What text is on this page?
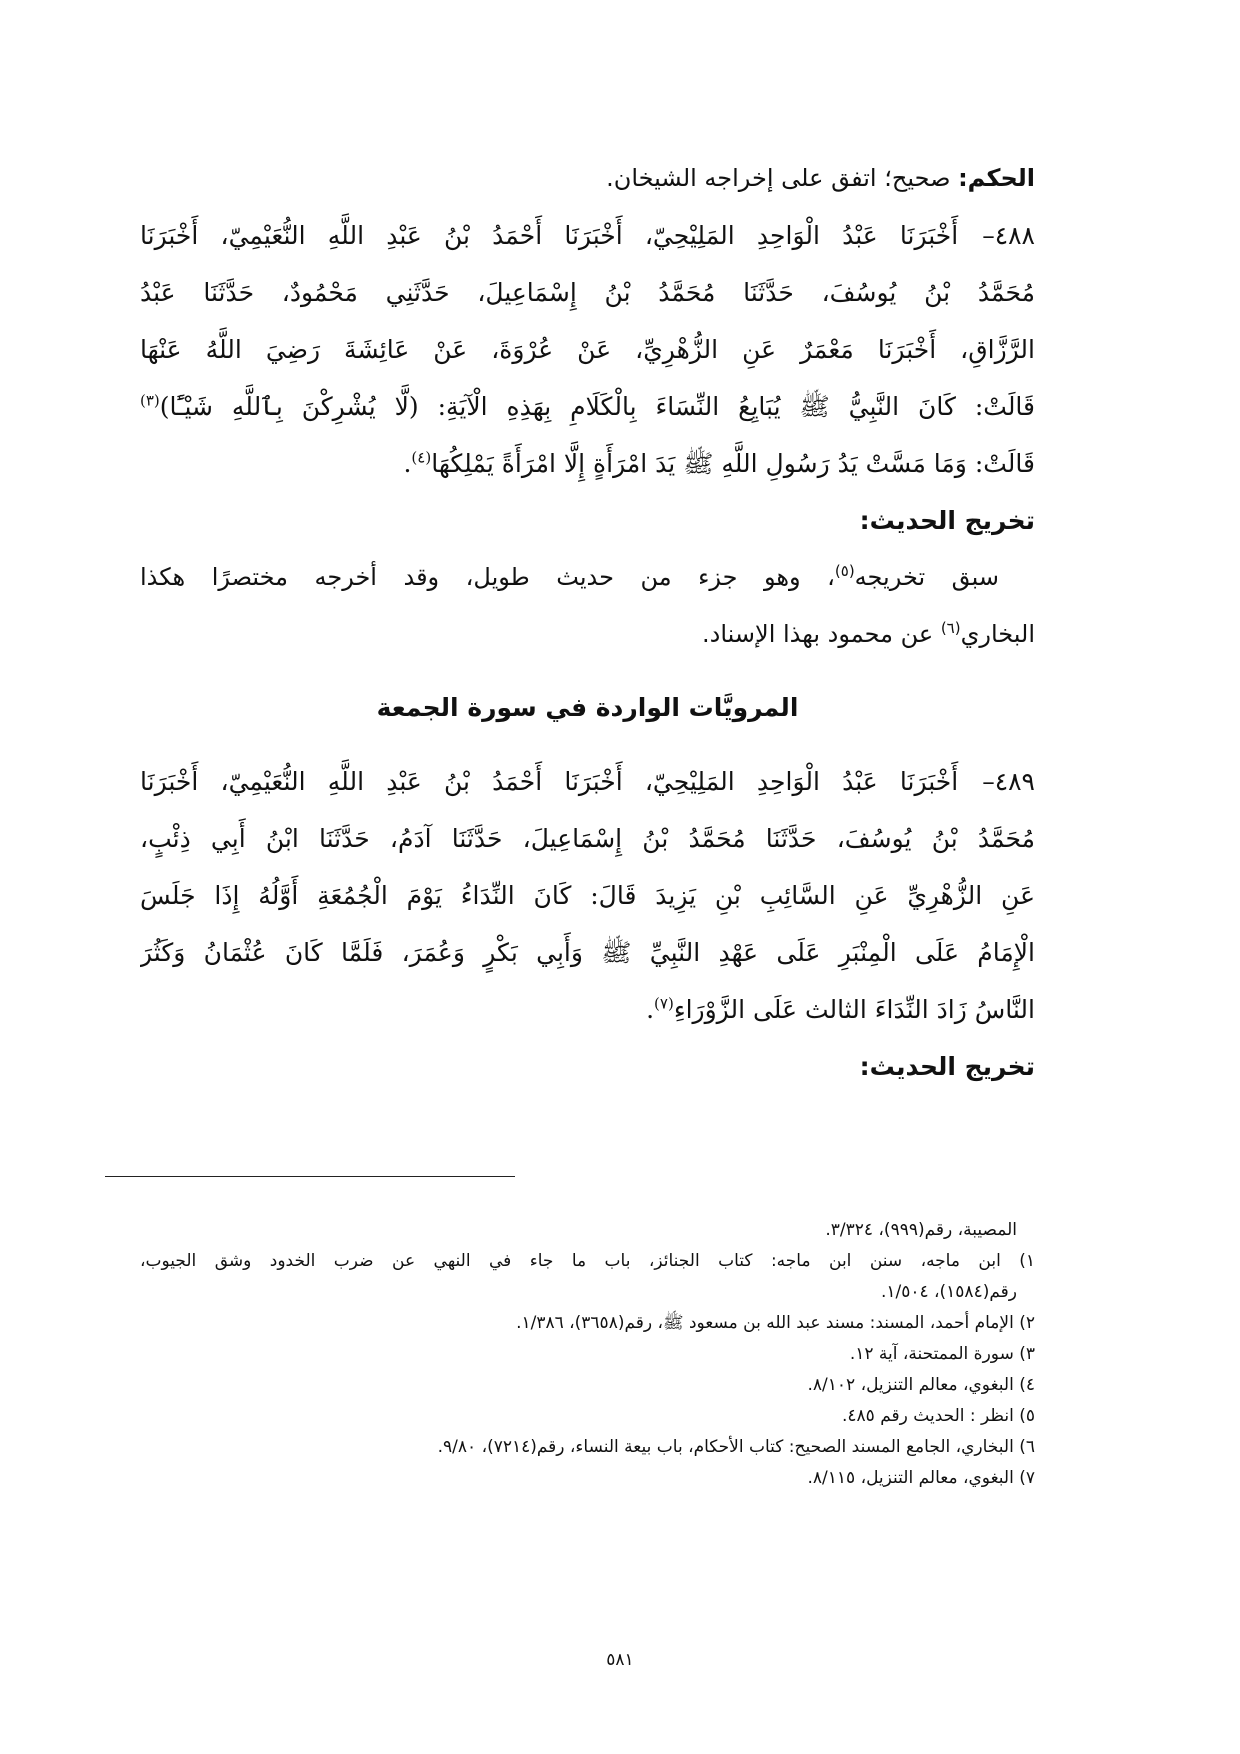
الحكم: صحيح؛ اتفق على إخراجه الشيخان.
٤٨٨–أَخْبَرَنَا عَبْدُ الْوَاحِدِ المَلِيْحِيّ، أَخْبَرَنَا أَحْمَدُ بْنُ عَبْدِ اللَّهِ النُّعَيْمِيّ، أَخْبَرَنَا
مُحَمَّدُ بْنُ يُوسُفَ، حَدَّثَنَا مُحَمَّدُ بْنُ إِسْمَاعِيلَ، حَدَّثَنِي مَحْمُودٌ، حَدَّثَنَا عَبْدُ
الرَّزَّاقِ، أَخْبَرَنَا مَعْمَرٌ عَنِ الزُّهْرِيِّ، عَنْ عُرْوَةَ، عَنْ عَائِشَةَ رَضِيَ اللَّهُ عَنْهَا
قَالَتْ: كَانَ النَّبِيُّ ﷺ يُبَايِعُ النِّسَاءَ بِالْكَلَامِ بِهَذِهِ الْآيَةِ: (لَّا يُشْرِكْنَ بِٱللَّهِ شَيْـًٔا)$^{(٣)}$
قَالَتْ: وَمَا مَسَّتْ يَدُ رَسُولِ اللَّهِ ﷺ يَدَ امْرَأَةٍ إِلَّا امْرَأَةً يَمْلِكُهَا$^{(٤)}$.
تخريج الحديث:
سبق تخريجه$^{(٥)}$، وهو جزء من حديث طويل، وقد أخرجه مختصرًا هكذا
البخاري$^{(٦)}$ عن محمود بهذا الإسناد.
المرويَّات الواردة في سورة الجمعة
٤٨٩–أَخْبَرَنَا عَبْدُ الْوَاحِدِ المَلِيْحِيّ، أَخْبَرَنَا أَحْمَدُ بْنُ عَبْدِ اللَّهِ النُّعَيْمِيّ، أَخْبَرَنَا
مُحَمَّدُ بْنُ يُوسُفَ، حَدَّثَنَا مُحَمَّدُ بْنُ إِسْمَاعِيلَ، حَدَّثَنَا آدَمُ، حَدَّثَنَا ابْنُ أَبِي ذِئْبٍ،
عَنِ الزُّهْرِيِّ عَنِ السَّائِبِ بْنِ يَزِيدَ قَالَ: كَانَ النِّدَاءُ يَوْمَ الْجُمُعَةِ أَوَّلُهُ إِذَا جَلَسَ
الْإِمَامُ عَلَى الْمِنْبَرِ عَلَى عَهْدِ النَّبِيِّ ﷺ وَأَبِي بَكْرٍ وَعُمَرَ، فَلَمَّا كَانَ عُثْمَانُ وَكَثُرَ
النَّاسُ زَادَ النِّدَاءَ الثالث عَلَى الزَّوْرَاءِ$^{(٧)}$.
تخريج الحديث:
المصيبة، رقم(٩٩٩)، ٣/٣٢٤.
١) ابن ماجه، سنن ابن ماجه: كتاب الجنائز، باب ما جاء في النهي عن ضرب الخدود وشق الجيوب،
رقم(١٥٨٤)، ١/٥٠٤.
٢) الإمام أحمد، المسند: مسند عبد الله بن مسعود ﷺ، رقم(٣٦٥٨)، ١/٣٨٦.
٣) سورة الممتحنة، آية ١٢.
٤) البغوي، معالم التنزيل، ٨/١٠٢.
٥) انظر : الحديث رقم ٤٨٥.
٦) البخاري، الجامع المسند الصحيح: كتاب الأحكام، باب بيعة النساء، رقم(٧٢١٤)، ٩/٨٠.
٧) البغوي، معالم التنزيل، ٨/١١٥.
٥٨١
